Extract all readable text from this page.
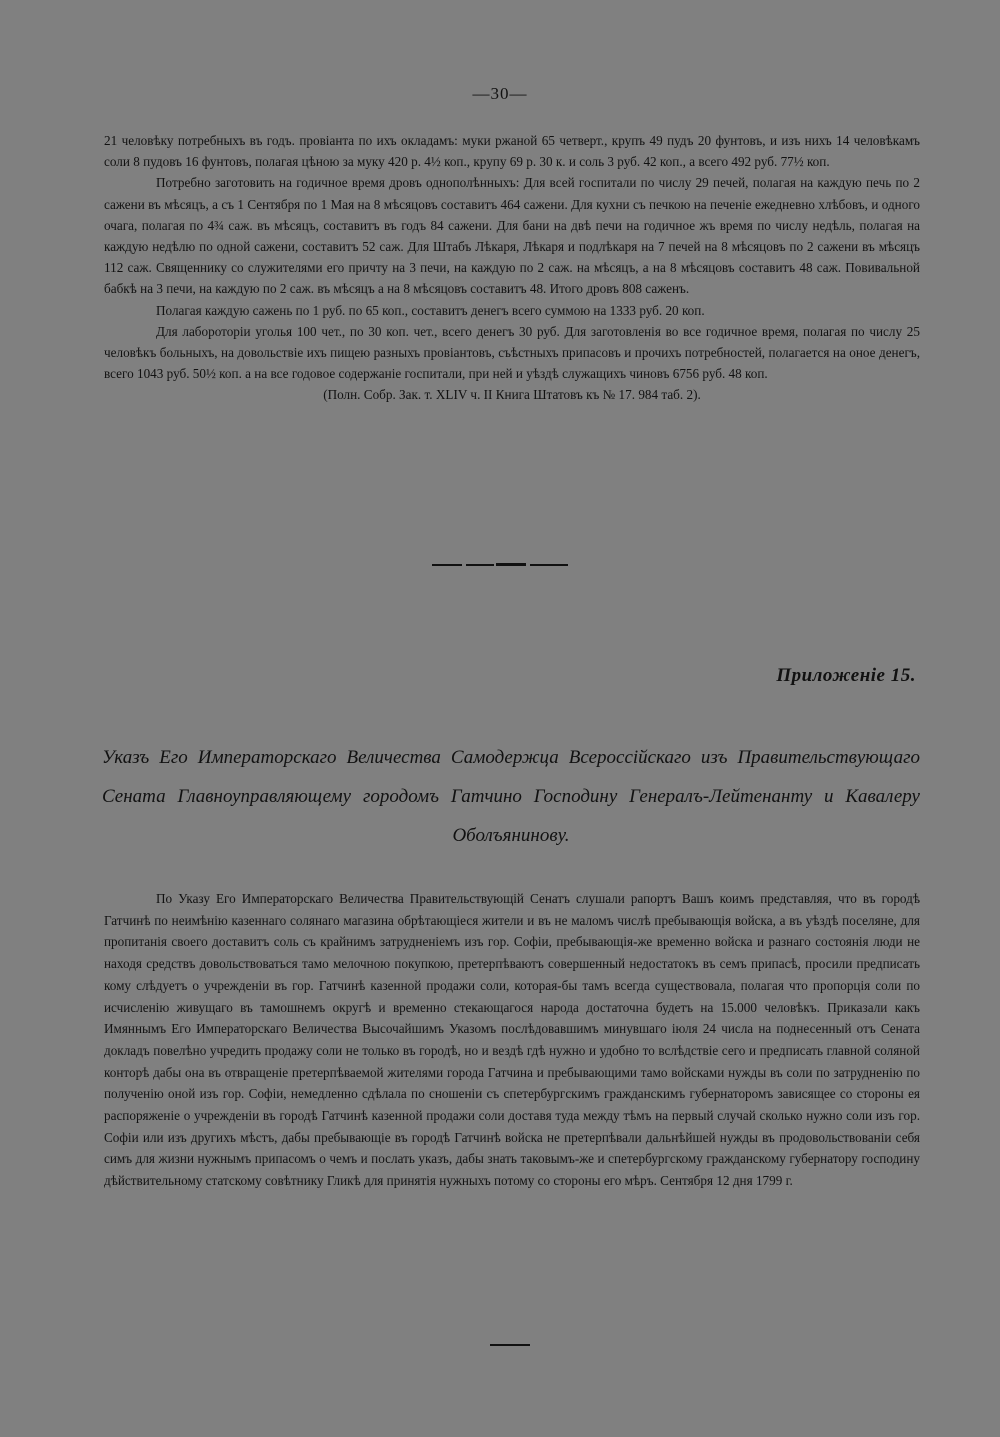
—30—

21 человѣку потребныхъ въ годъ. провіанта по ихъ окладамъ: муки ржаной 65 четверт., крупъ 49 пудъ 20 фунтовъ, и изъ нихъ 14 человѣкамъ соли 8 пудовъ 16 фунтовъ, полагая цѣною за муку 420 р. 4½ коп., крупу 69 р. 30 к. и соль 3 руб. 42 коп., а всего 492 руб. 77½ коп.

Потребно заготовить на годичное время дровъ однополѣнныхъ: Для всей госпитали по числу 29 печей, полагая на каждую печь по 2 сажени въ мѣсяцъ, а съ 1 Сентября по 1 Мая на 8 мѣсяцовъ составитъ 464 сажени. Для кухни съ печкою на печеніе ежедневно хлѣбовъ, и одного очага, полагая по 4¾ саж. въ мѣсяцъ, составитъ въ годъ 84 сажени. Для бани на двѣ печи на годичное жъ время по числу недѣль, полагая на каждую недѣлю по одной сажени, составитъ 52 саж. Для Штабъ Лѣкаря, Лѣкаря и подлѣкаря на 7 печей на 8 мѣсяцовъ по 2 сажени въ мѣсяцъ 112 саж. Священнику со служителями его причту на 3 печи, на каждую по 2 саж. на мѣсяцъ, а на 8 мѣсяцовъ составитъ 48 саж. Повивальной бабкѣ на 3 печи, на каждую по 2 саж. въ мѣсяцъ а на 8 мѣсяцовъ составитъ 48. Итого дровъ 808 саженъ.

Полагая каждую сажень по 1 руб. по 65 коп., составитъ денегъ всего суммою на 1333 руб. 20 коп.

Для лабороторіи уголья 100 чет., по 30 коп. чет., всего денегъ 30 руб. Для заготовленія во все годичное время, полагая по числу 25 человѣкъ больныхъ, на довольствіе ихъ пищею разныхъ провіантовъ, съѣстныхъ припасовъ и прочихъ потребностей, полагается на оное денегъ, всего 1043 руб. 50½ коп. а на все годовое содержаніе госпитали, при ней и уѣздѣ служащихъ чиновъ 6756 руб. 48 коп.

(Полн. Собр. Зак. т. XLIV ч. II Книга Штатовъ къ № 17. 984 таб. 2).

Приложеніе 15.
Указъ Его Императорскаго Величества Самодержца Всероссійскаго изъ Правительствующаго Сената Главноуправляющему городомъ Гатчино Господину Генералъ-Лейтенанту и Кавалеру Оболъянинову.

По Указу Его Императорскаго Величества Правительствующій Сенатъ слушали рапортъ Вашъ коимъ представляя, что въ городѣ Гатчинѣ по неимѣнію казеннаго солянаго магазина обрѣтающіеся жители и въ не маломъ числѣ пребывающія войска, а въ уѣздѣ поселяне, для пропитанія своего доставитъ соль съ крайнимъ затрудненіемъ изъ гор. Софіи, пребывающія-же временно войска и разнаго состоянія люди не находя средствъ довольствоваться тамо мелочною покупкою, претерпѣваютъ совершенный недостатокъ въ семъ припасѣ, просили предписать кому слѣдуетъ о учрежденіи въ гор. Гатчинѣ казенной продажи соли, которая-бы тамъ всегда существовала, полагая что пропорція соли по исчисленію живущаго въ тамошнемъ округѣ и временно стекающагося народа достаточна будетъ на 15.000 человѣкъ. Приказали какъ Имяннымъ Его Императорскаго Величества Высочайшимъ Указомъ послѣдовавшимъ минувшаго іюля 24 числа на поднесенный отъ Сената докладъ повелѣно учредить продажу соли не только въ городѣ, но и вездѣ гдѣ нужно и удобно то вслѣдствіе сего и предписать главной соляной конторѣ дабы она въ отвращеніе претерпѣваемой жителями города Гатчина и пребывающими тамо войсками нужды въ соли по затрудненію по полученію оной изъ гор. Софіи, немедленно сдѣлала по сношеніи съ спетербургскимъ гражданскимъ губернаторомъ зависящее со стороны ея распоряженіе о учрежденіи въ городѣ Гатчинѣ казенной продажи соли доставя туда между тѣмъ на первый случай сколько нужно соли изъ гор. Софіи или изъ другихъ мѣстъ, дабы пребывающіе въ городѣ Гатчинѣ войска не претерпѣвали дальнѣйшей нужды въ продовольствованіи себя симъ для жизни нужнымъ припасомъ о чемъ и послать указъ, дабы знать таковымъ-же и спетербургскому гражданскому губернатору господину дѣйствительному статскому совѣтнику Гликѣ для принятія нужныхъ потому со стороны его мѣръ. Сентября 12 дня 1799 г.
